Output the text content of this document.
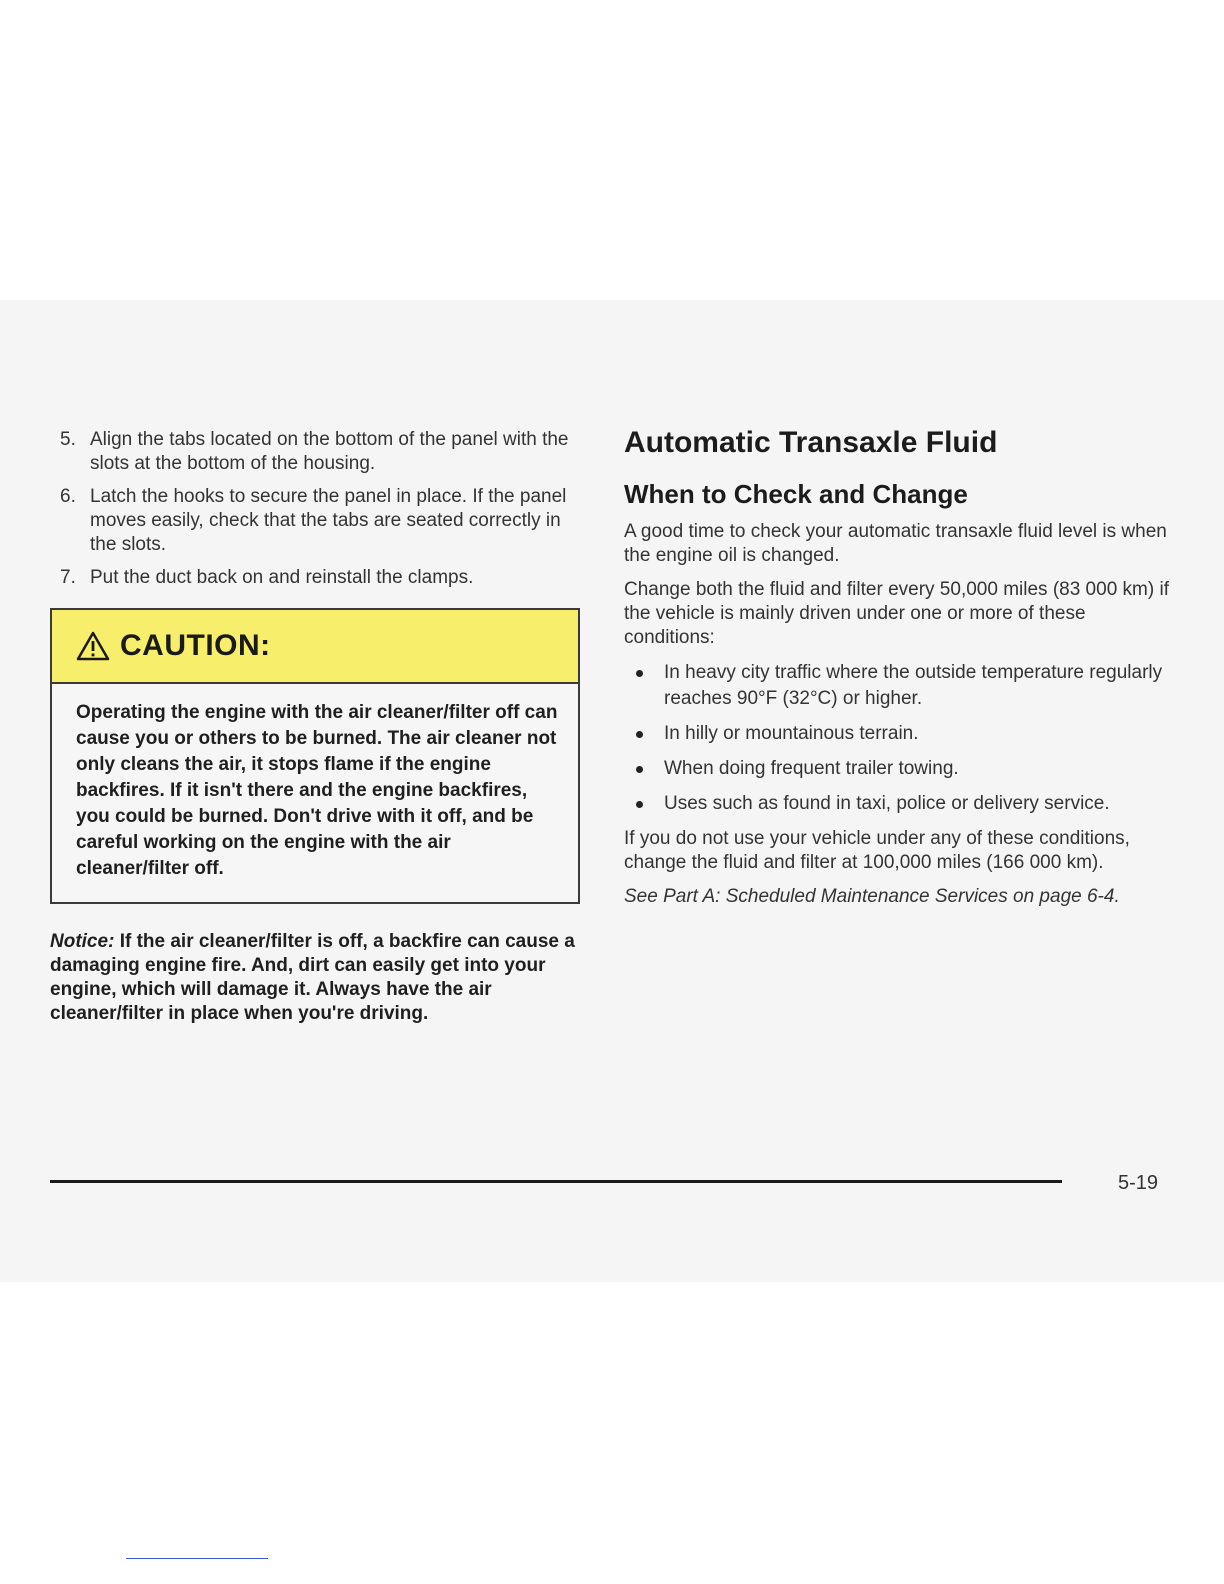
5. Align the tabs located on the bottom of the panel with the slots at the bottom of the housing.
6. Latch the hooks to secure the panel in place. If the panel moves easily, check that the tabs are seated correctly in the slots.
7. Put the duct back on and reinstall the clamps.
CAUTION:
Operating the engine with the air cleaner/filter off can cause you or others to be burned. The air cleaner not only cleans the air, it stops flame if the engine backfires. If it isn't there and the engine backfires, you could be burned. Don't drive with it off, and be careful working on the engine with the air cleaner/filter off.
Notice: If the air cleaner/filter is off, a backfire can cause a damaging engine fire. And, dirt can easily get into your engine, which will damage it. Always have the air cleaner/filter in place when you're driving.
Automatic Transaxle Fluid
When to Check and Change

A good time to check your automatic transaxle fluid level is when the engine oil is changed.

Change both the fluid and filter every 50,000 miles (83 000 km) if the vehicle is mainly driven under one or more of these conditions:

In heavy city traffic where the outside temperature regularly reaches 90°F (32°C) or higher.
In hilly or mountainous terrain.
When doing frequent trailer towing.
Uses such as found in taxi, police or delivery service.

If you do not use your vehicle under any of these conditions, change the fluid and filter at 100,000 miles (166 000 km).

See Part A: Scheduled Maintenance Services on page 6-4.

5-19
